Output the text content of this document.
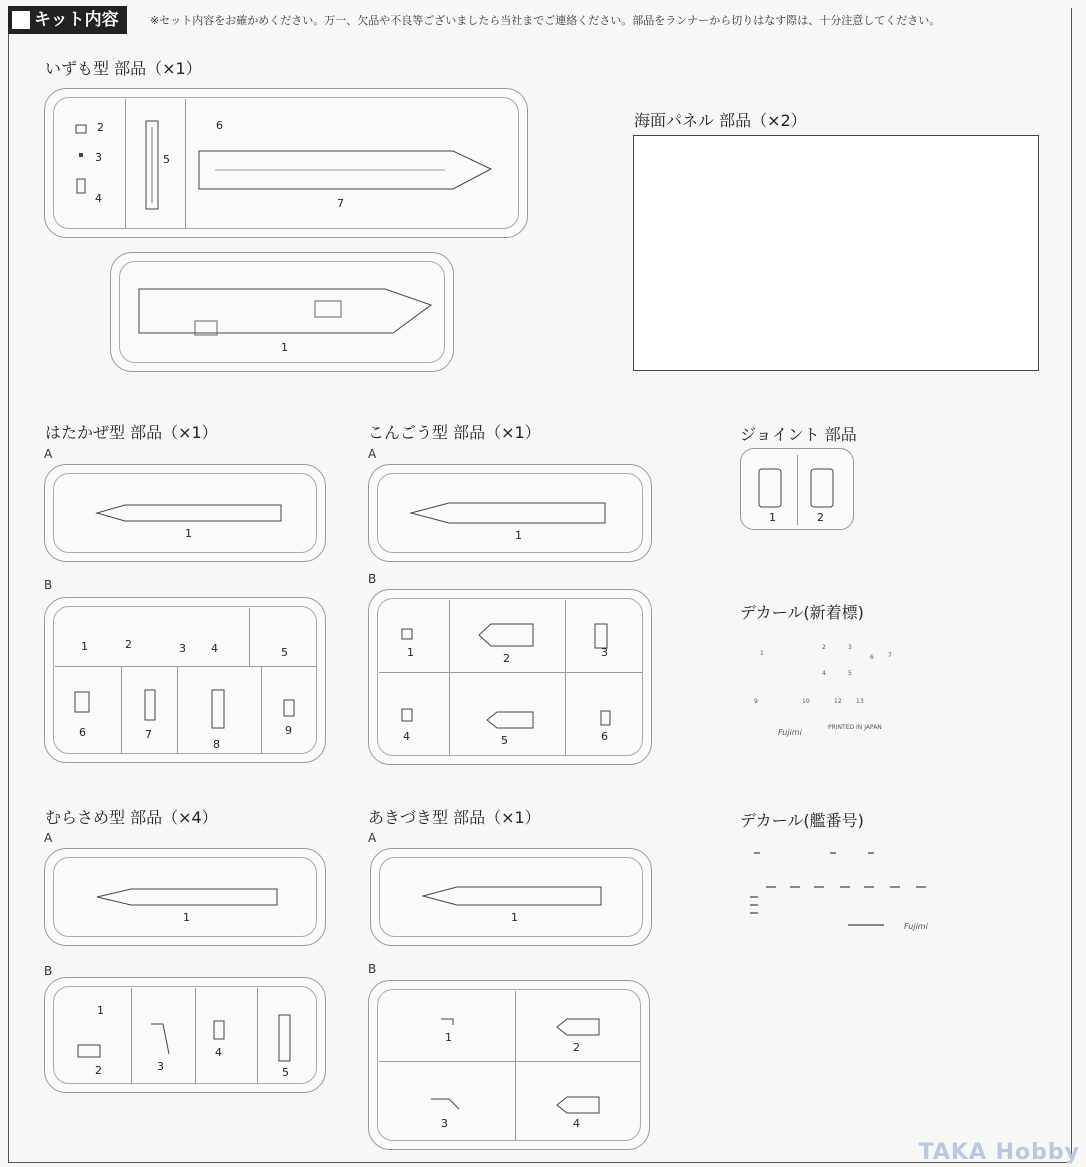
キット内容	※セット内容をお確かめください。万一、欠品や不良等ございましたら当社までご連絡ください。部品をランナーから切りはなす際は、十分注意してください。
いずも型 部品（×1）
2
3
4
5
6
7
1
海面パネル 部品（×2）
はたかぜ型 部品（×1）
A
1
B
1	2	3 4	5
6	7
8
9
こんごう型 部品（×1）
A
1
B
1	2	3
4	5	6
ジョイント 部品
1	2
デカール(新着標)
1
2	3
6 7
4	5
9	10	12 13
Fujimi
PRINTED IN JAPAN
むらさめ型 部品（×4）
A
1
B
1
2	3
4
5
あきづき型 部品（×1）
A
1
B
1
2
3	4
デカール(艦番号)
Fujimi
TAKA Hobby
